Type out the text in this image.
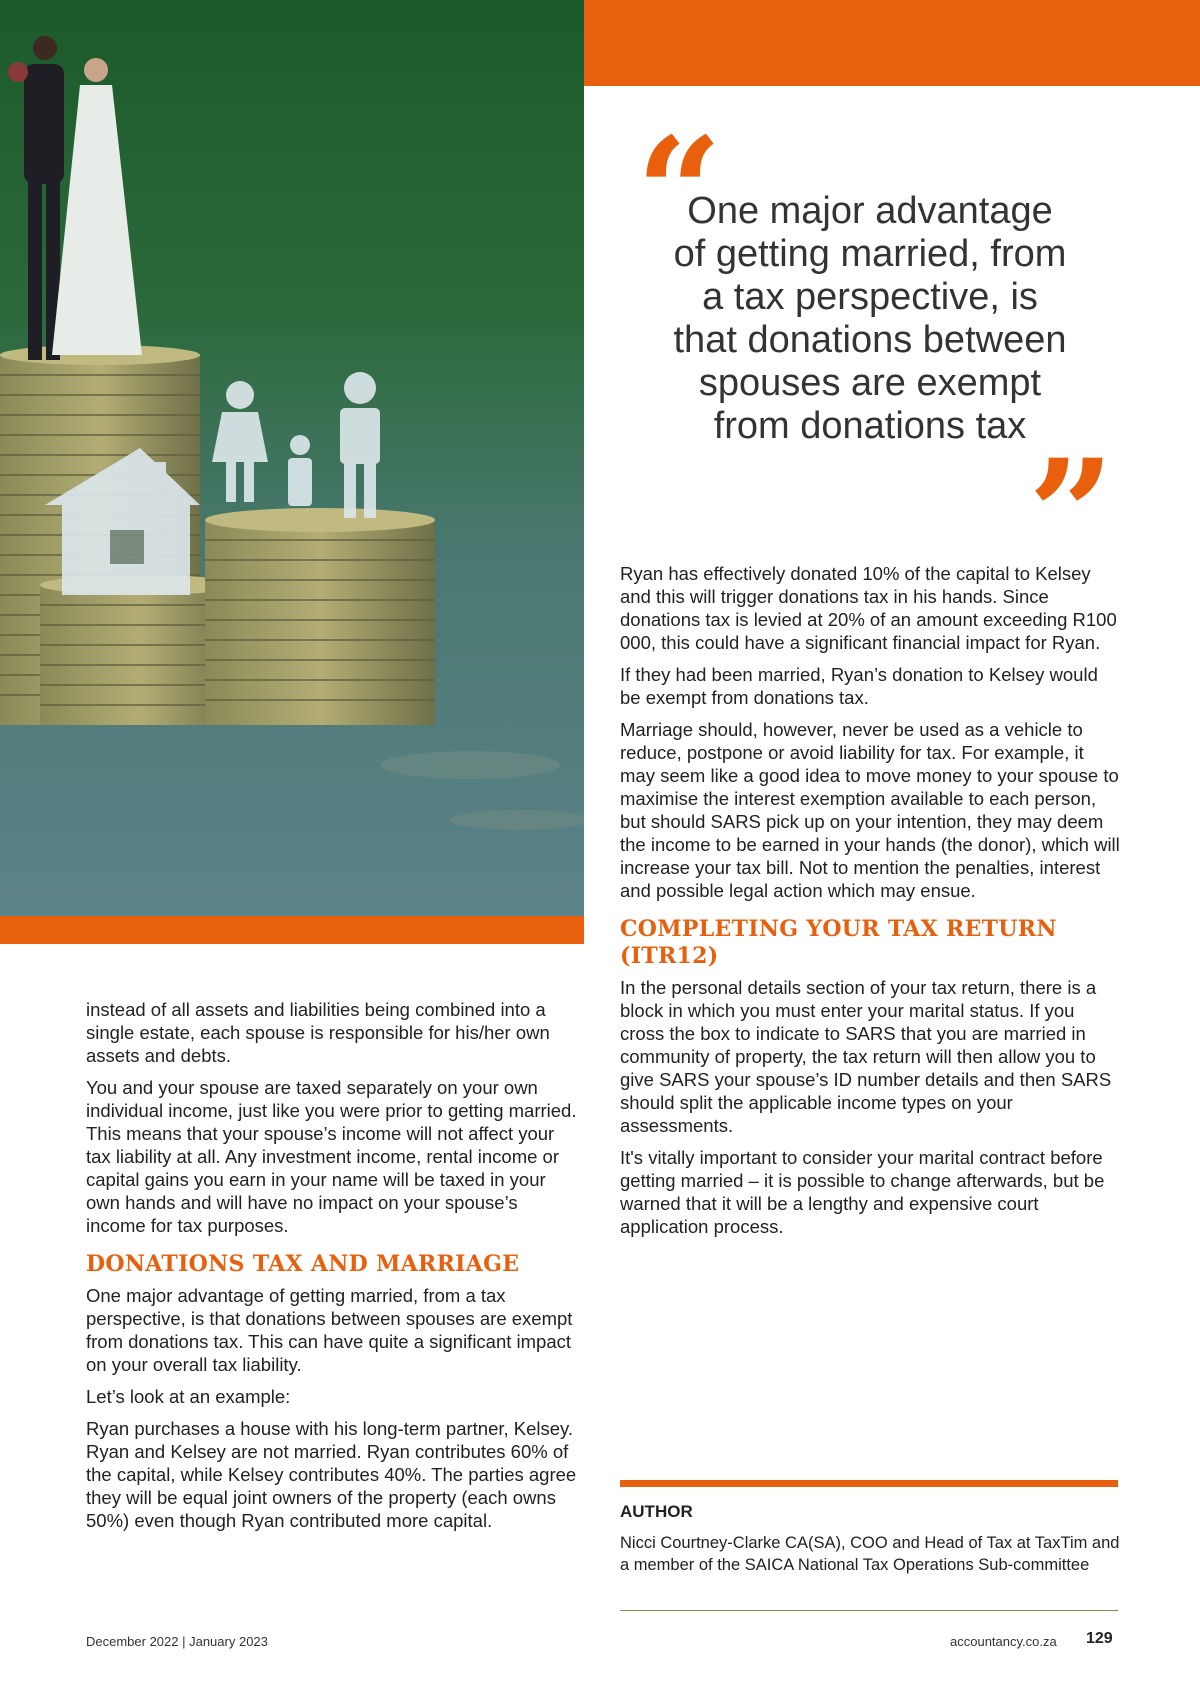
“
One major advantage
of getting married, from
a tax perspective, is
that donations between
spouses are exempt
from donations tax
”

instead of all assets and liabilities being combined into a single estate, each spouse is responsible for his/her own assets and debts.

You and your spouse are taxed separately on your own individual income, just like you were prior to getting married. This means that your spouse’s income will not affect your tax liability at all. Any investment income, rental income or capital gains you earn in your name will be taxed in your own hands and will have no impact on your spouse’s income for tax purposes.

DONATIONS TAX AND MARRIAGE

One major advantage of getting married, from a tax perspective, is that donations between spouses are exempt from donations tax. This can have quite a significant impact on your overall tax liability.

Let’s look at an example:

Ryan purchases a house with his long-term partner, Kelsey. Ryan and Kelsey are not married. Ryan contributes 60% of the capital, while Kelsey contributes 40%. The parties agree they will be equal joint owners of the property (each owns 50%) even though Ryan contributed more capital.

Ryan has effectively donated 10% of the capital to Kelsey and this will trigger donations tax in his hands. Since donations tax is levied at 20% of an amount exceeding R100 000, this could have a significant financial impact for Ryan.

If they had been married, Ryan’s donation to Kelsey would be exempt from donations tax.

Marriage should, however, never be used as a vehicle to reduce, postpone or avoid liability for tax. For example, it may seem like a good idea to move money to your spouse to maximise the interest exemption available to each person, but should SARS pick up on your intention, they may deem the income to be earned in your hands (the donor), which will increase your tax bill. Not to mention the penalties, interest and possible legal action which may ensue.

COMPLETING YOUR TAX RETURN (ITR12)

In the personal details section of your tax return, there is a block in which you must enter your marital status. If you cross the box to indicate to SARS that you are married in community of property, the tax return will then allow you to give SARS your spouse’s ID number details and then SARS should split the applicable income types on your assessments.

It's vitally important to consider your marital contract before getting married – it is possible to change afterwards, but be warned that it will be a lengthy and expensive court application process.

AUTHOR
Nicci Courtney-Clarke CA(SA), COO and Head of Tax at TaxTim and a member of the SAICA National Tax Operations Sub-committee
December 2022 | January 2023	accountancy.co.za 129
